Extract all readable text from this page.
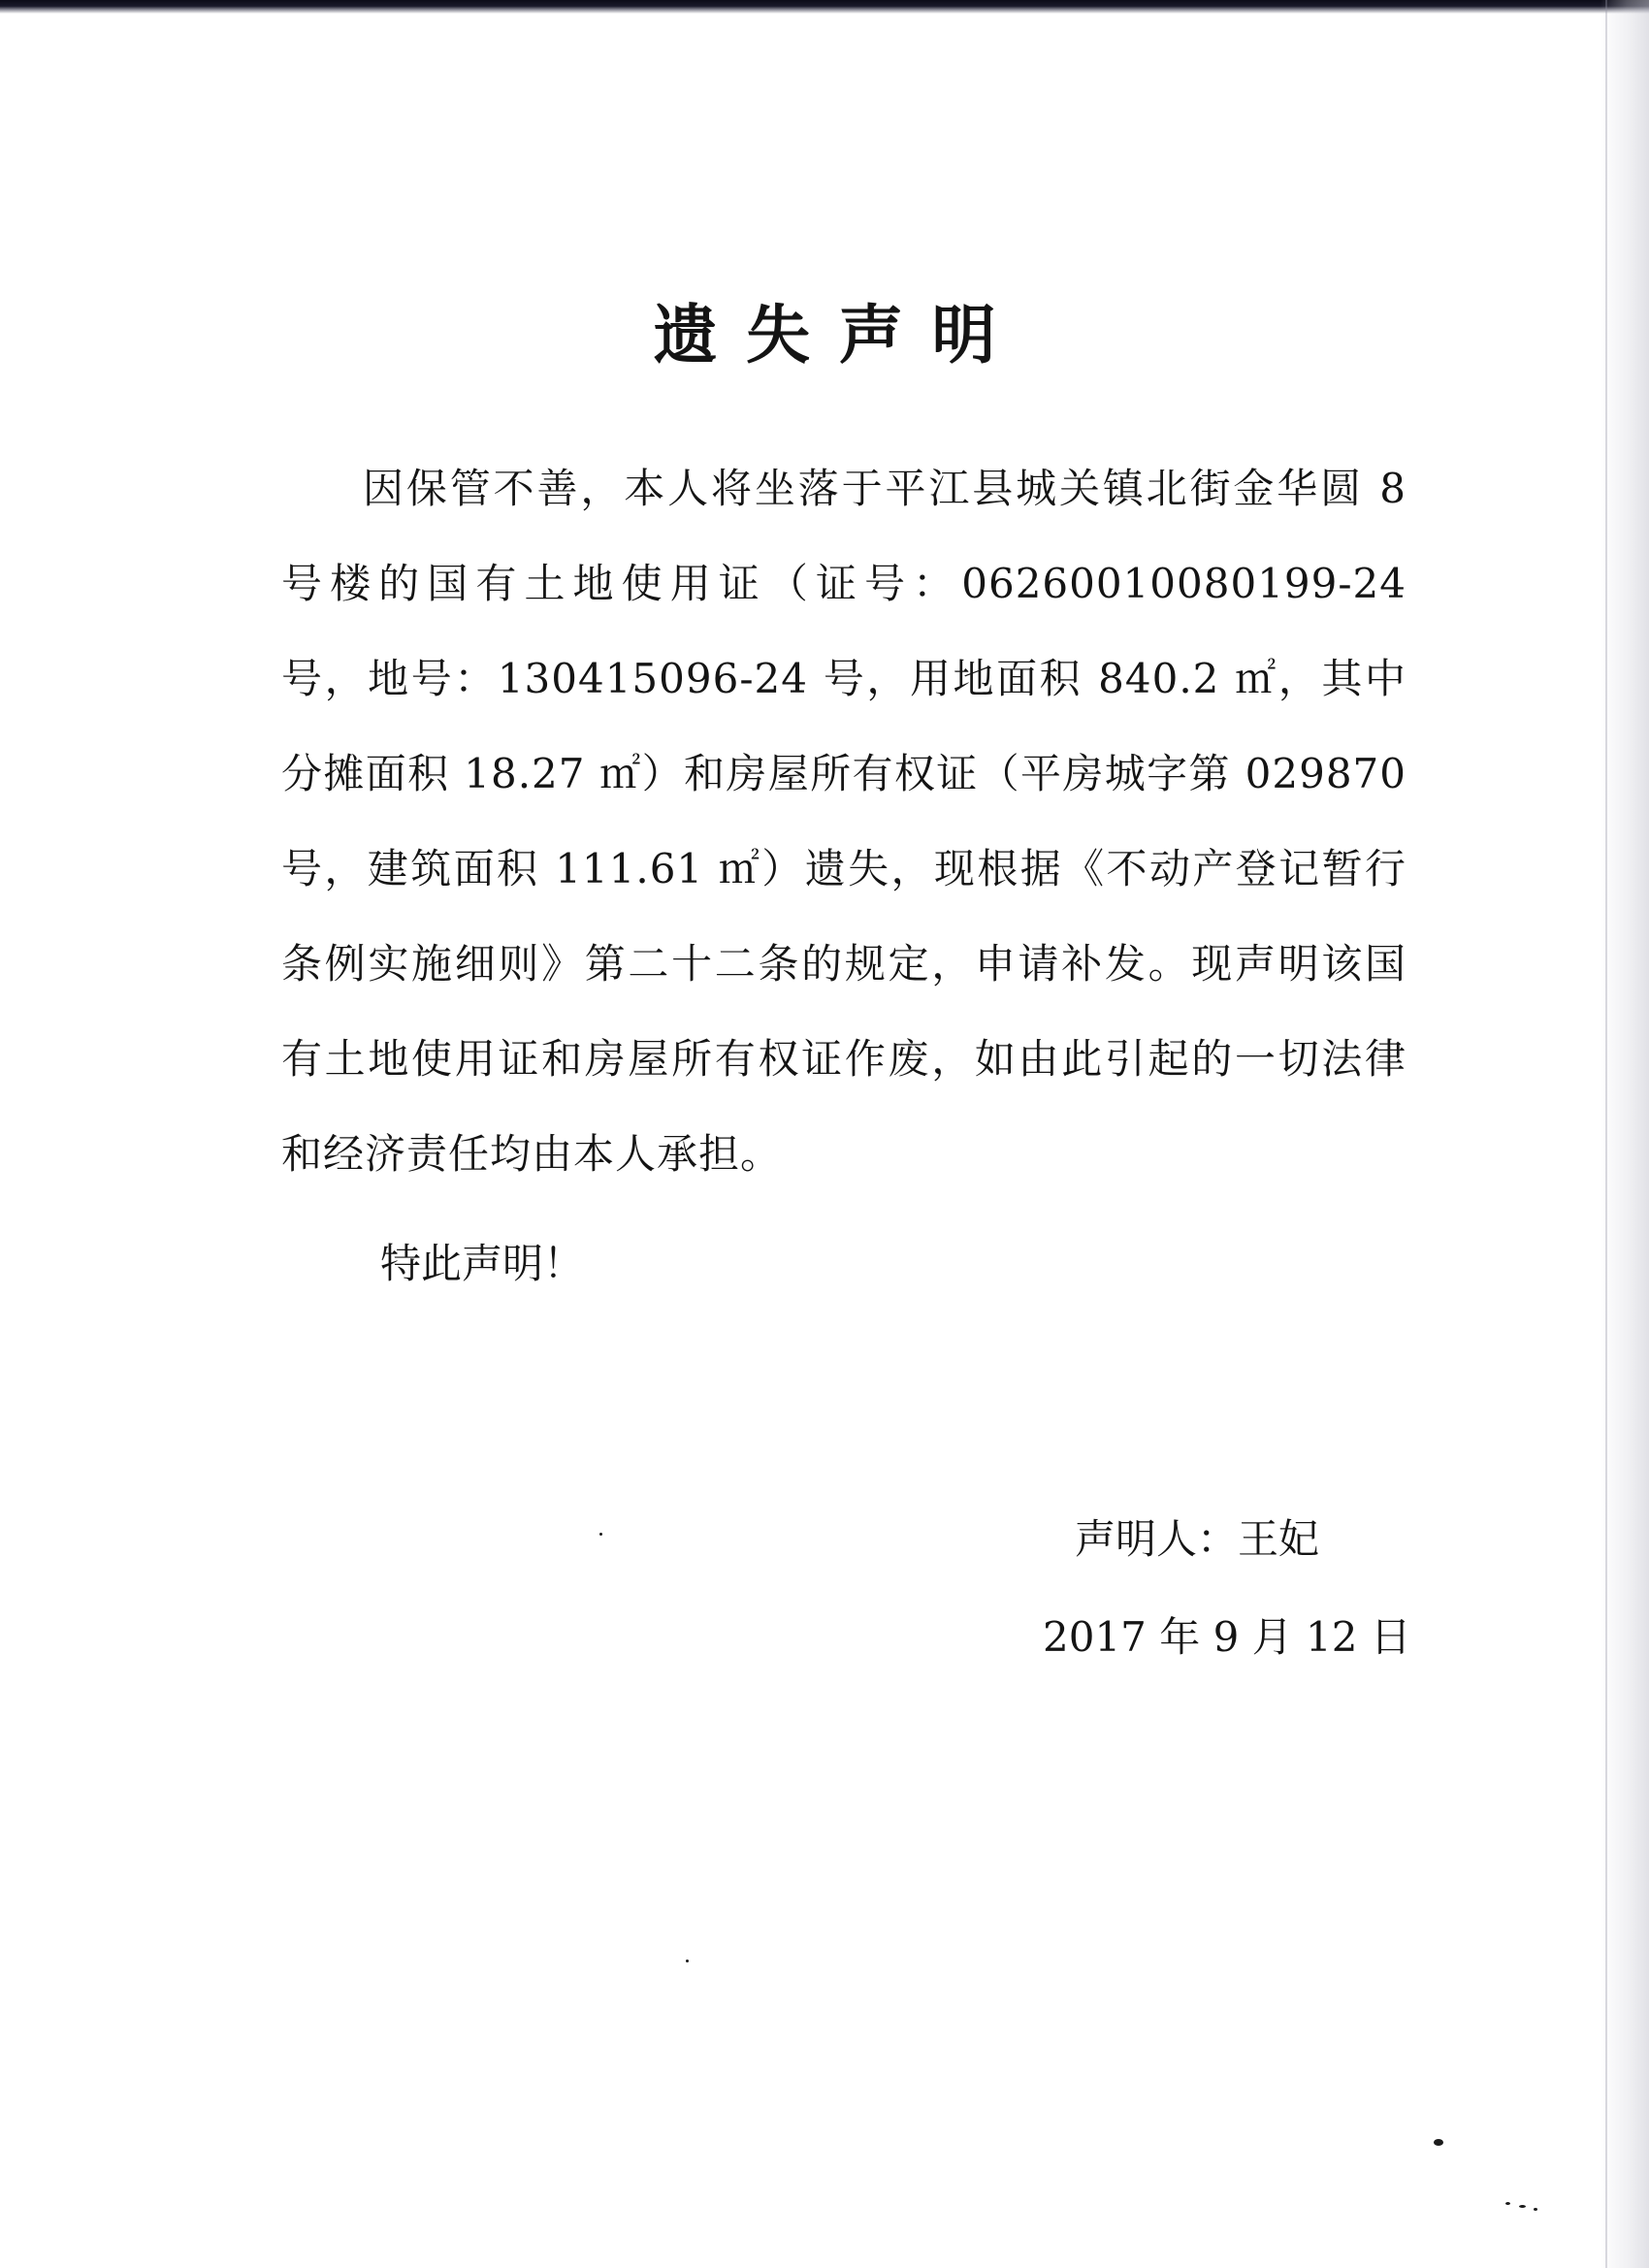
遗失声明

因保管不善，本人将坐落于平江县城关镇北街金华圆 8 号楼的国有土地使用证（证号：06260010080199-24 号，地号：130415096-24 号，用地面积 840.2 ㎡，其中分摊面积 18.27 ㎡）和房屋所有权证（平房城字第 029870 号，建筑面积 111.61 ㎡）遗失，现根据《不动产登记暂行条例实施细则》第二十二条的规定，申请补发。现声明该国有土地使用证和房屋所有权证作废，如由此引起的一切法律和经济责任均由本人承担。

特此声明！

声明人：王妃
2017 年 9 月 12 日
